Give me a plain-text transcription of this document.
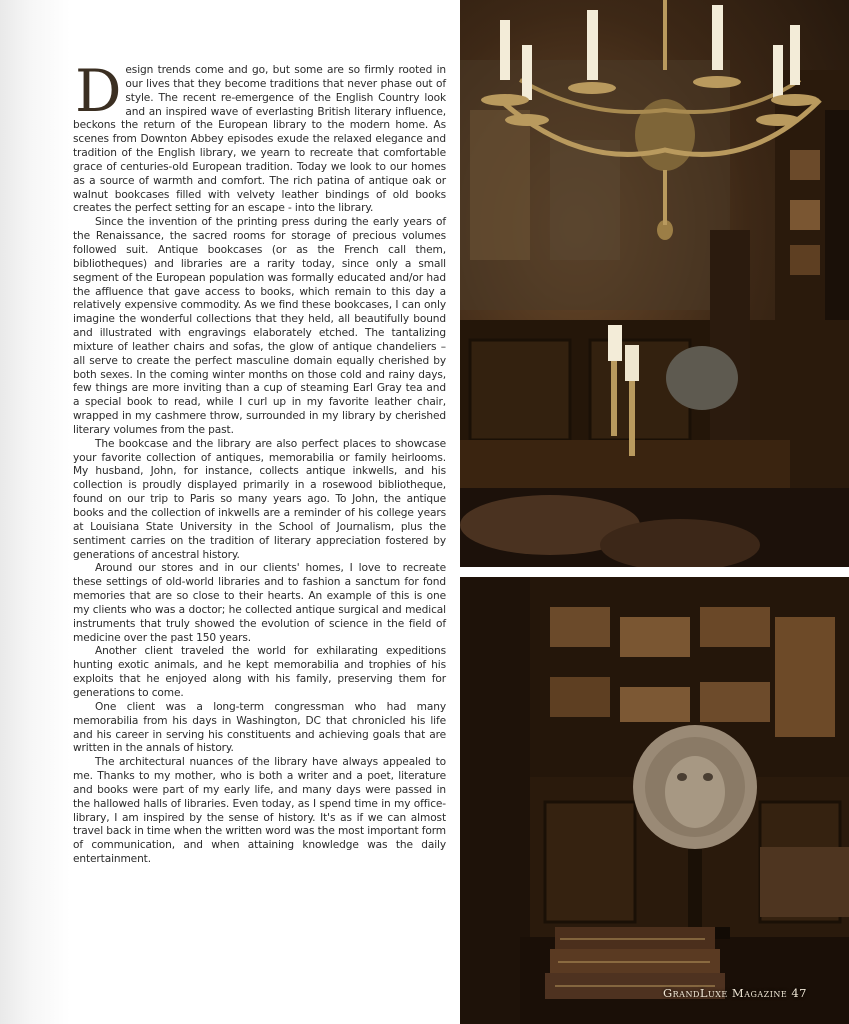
Design trends come and go, but some are so firmly rooted in our lives that they become traditions that never phase out of style. The recent re-emergence of the English Country look and an inspired wave of everlasting British literary influence, beckons the return of the European library to the modern home. As scenes from Downton Abbey episodes exude the relaxed elegance and tradition of the English library, we yearn to recreate that comfortable grace of centuries-old European tradition. Today we look to our homes as a source of warmth and comfort. The rich patina of antique oak or walnut bookcases filled with velvety leather bindings of old books creates the perfect setting for an escape - into the library.

Since the invention of the printing press during the early years of the Renaissance, the sacred rooms for storage of precious volumes followed suit. Antique bookcases (or as the French call them, bibliotheques) and libraries are a rarity today, since only a small segment of the European population was formally educated and/or had the affluence that gave access to books, which remain to this day a relatively expensive commodity. As we find these bookcases, I can only imagine the wonderful collections that they held, all beautifully bound and illustrated with engravings elaborately etched. The tantalizing mixture of leather chairs and sofas, the glow of antique chandeliers – all serve to create the perfect masculine domain equally cherished by both sexes. In the coming winter months on those cold and rainy days, few things are more inviting than a cup of steaming Earl Gray tea and a special book to read, while I curl up in my favorite leather chair, wrapped in my cashmere throw, surrounded in my library by cherished literary volumes from the past.

The bookcase and the library are also perfect places to showcase your favorite collection of antiques, memorabilia or family heirlooms. My husband, John, for instance, collects antique inkwells, and his collection is proudly displayed primarily in a rosewood bibliotheque, found on our trip to Paris so many years ago. To John, the antique books and the collection of inkwells are a reminder of his college years at Louisiana State University in the School of Journalism, plus the sentiment carries on the tradition of literary appreciation fostered by generations of ancestral history.

Around our stores and in our clients' homes, I love to recreate these settings of old-world libraries and to fashion a sanctum for fond memories that are so close to their hearts. An example of this is one my clients who was a doctor; he collected antique surgical and medical instruments that truly showed the evolution of science in the field of medicine over the past 150 years.

Another client traveled the world for exhilarating expeditions hunting exotic animals, and he kept memorabilia and trophies of his exploits that he enjoyed along with his family, preserving them for generations to come.

One client was a long-term congressman who had many memorabilia from his days in Washington, DC that chronicled his life and his career in serving his constituents and achieving goals that are written in the annals of history.

The architectural nuances of the library have always appealed to me. Thanks to my mother, who is both a writer and a poet, literature and books were part of my early life, and many days were passed in the hallowed halls of libraries. Even today, as I spend time in my office-library, I am inspired by the sense of history. It's as if we can almost travel back in time when the written word was the most important form of communication, and when attaining knowledge was the daily entertainment.

GrandLuxe Magazine 47
